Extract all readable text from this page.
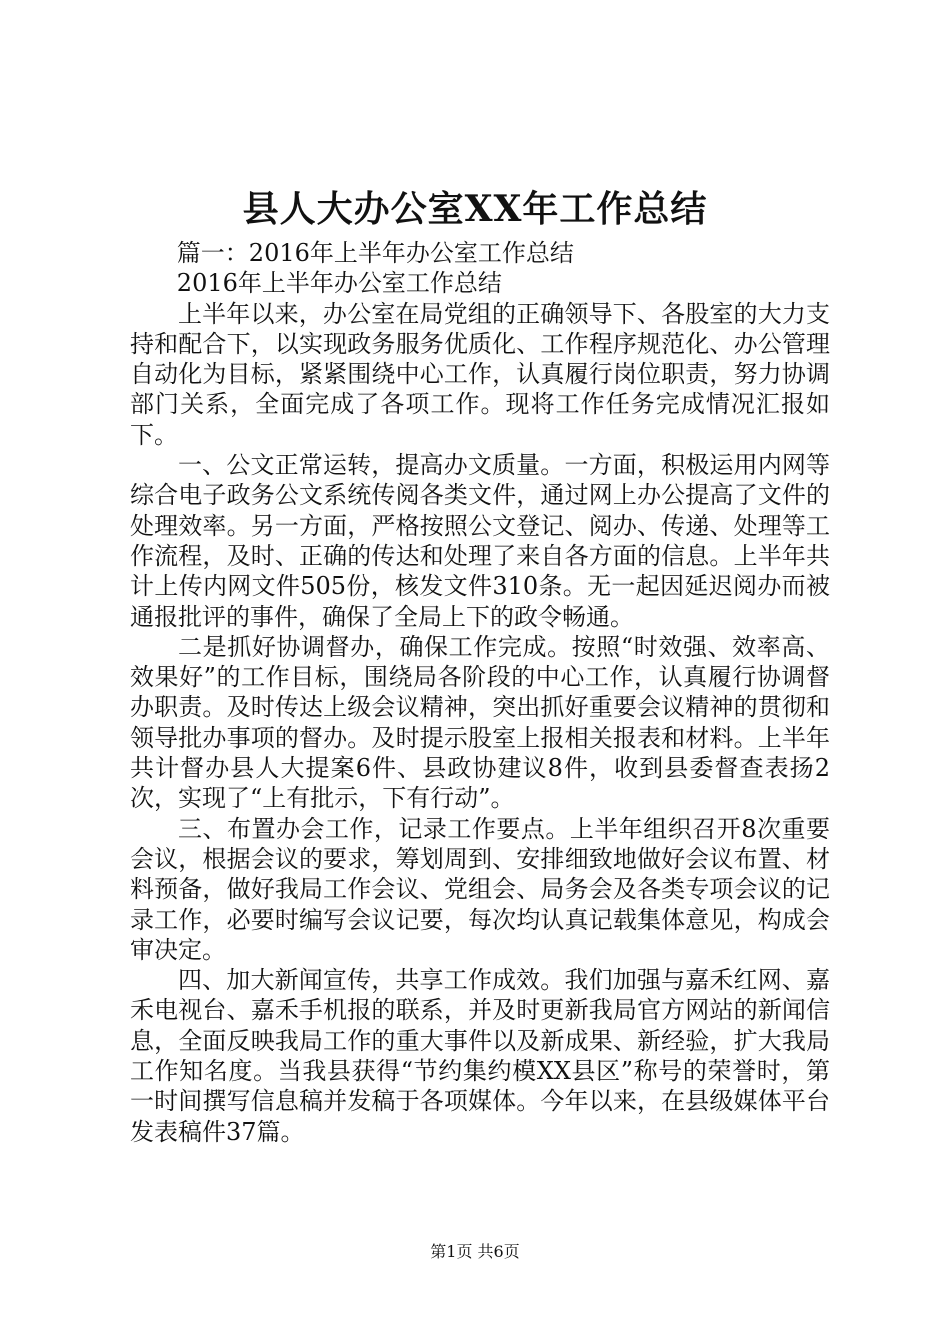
县人大办公室XX年工作总结

篇一：2016年上半年办公室工作总结

2016年上半年办公室工作总结

上半年以来，办公室在局党组的正确领导下、各股室的大力支持和配合下，以实现政务服务优质化、工作程序规范化、办公管理自动化为目标，紧紧围绕中心工作，认真履行岗位职责，努力协调部门关系，全面完成了各项工作。现将工作任务完成情况汇报如下。

一、公文正常运转，提高办文质量。一方面，积极运用内网等综合电子政务公文系统传阅各类文件，通过网上办公提高了文件的处理效率。另一方面，严格按照公文登记、阅办、传递、处理等工作流程，及时、正确的传达和处理了来自各方面的信息。上半年共计上传内网文件505份，核发文件310条。无一起因延迟阅办而被通报批评的事件，确保了全局上下的政令畅通。

二是抓好协调督办，确保工作完成。按照“时效强、效率高、效果好”的工作目标，围绕局各阶段的中心工作，认真履行协调督办职责。及时传达上级会议精神，突出抓好重要会议精神的贯彻和领导批办事项的督办。及时提示股室上报相关报表和材料。上半年共计督办县人大提案6件、县政协建议8件，收到县委督查表扬2次，实现了“上有批示，下有行动”。

三、布置办会工作，记录工作要点。上半年组织召开8次重要会议，根据会议的要求，筹划周到、安排细致地做好会议布置、材料预备，做好我局工作会议、党组会、局务会及各类专项会议的记录工作，必要时编写会议记要，每次均认真记载集体意见，构成会审决定。

四、加大新闻宣传，共享工作成效。我们加强与嘉禾红网、嘉禾电视台、嘉禾手机报的联系，并及时更新我局官方网站的新闻信息，全面反映我局工作的重大事件以及新成果、新经验，扩大我局工作知名度。当我县获得“节约集约模XX县区”称号的荣誉时，第一时间撰写信息稿并发稿于各项媒体。今年以来，在县级媒体平台发表稿件37篇。

第1页 共6页
